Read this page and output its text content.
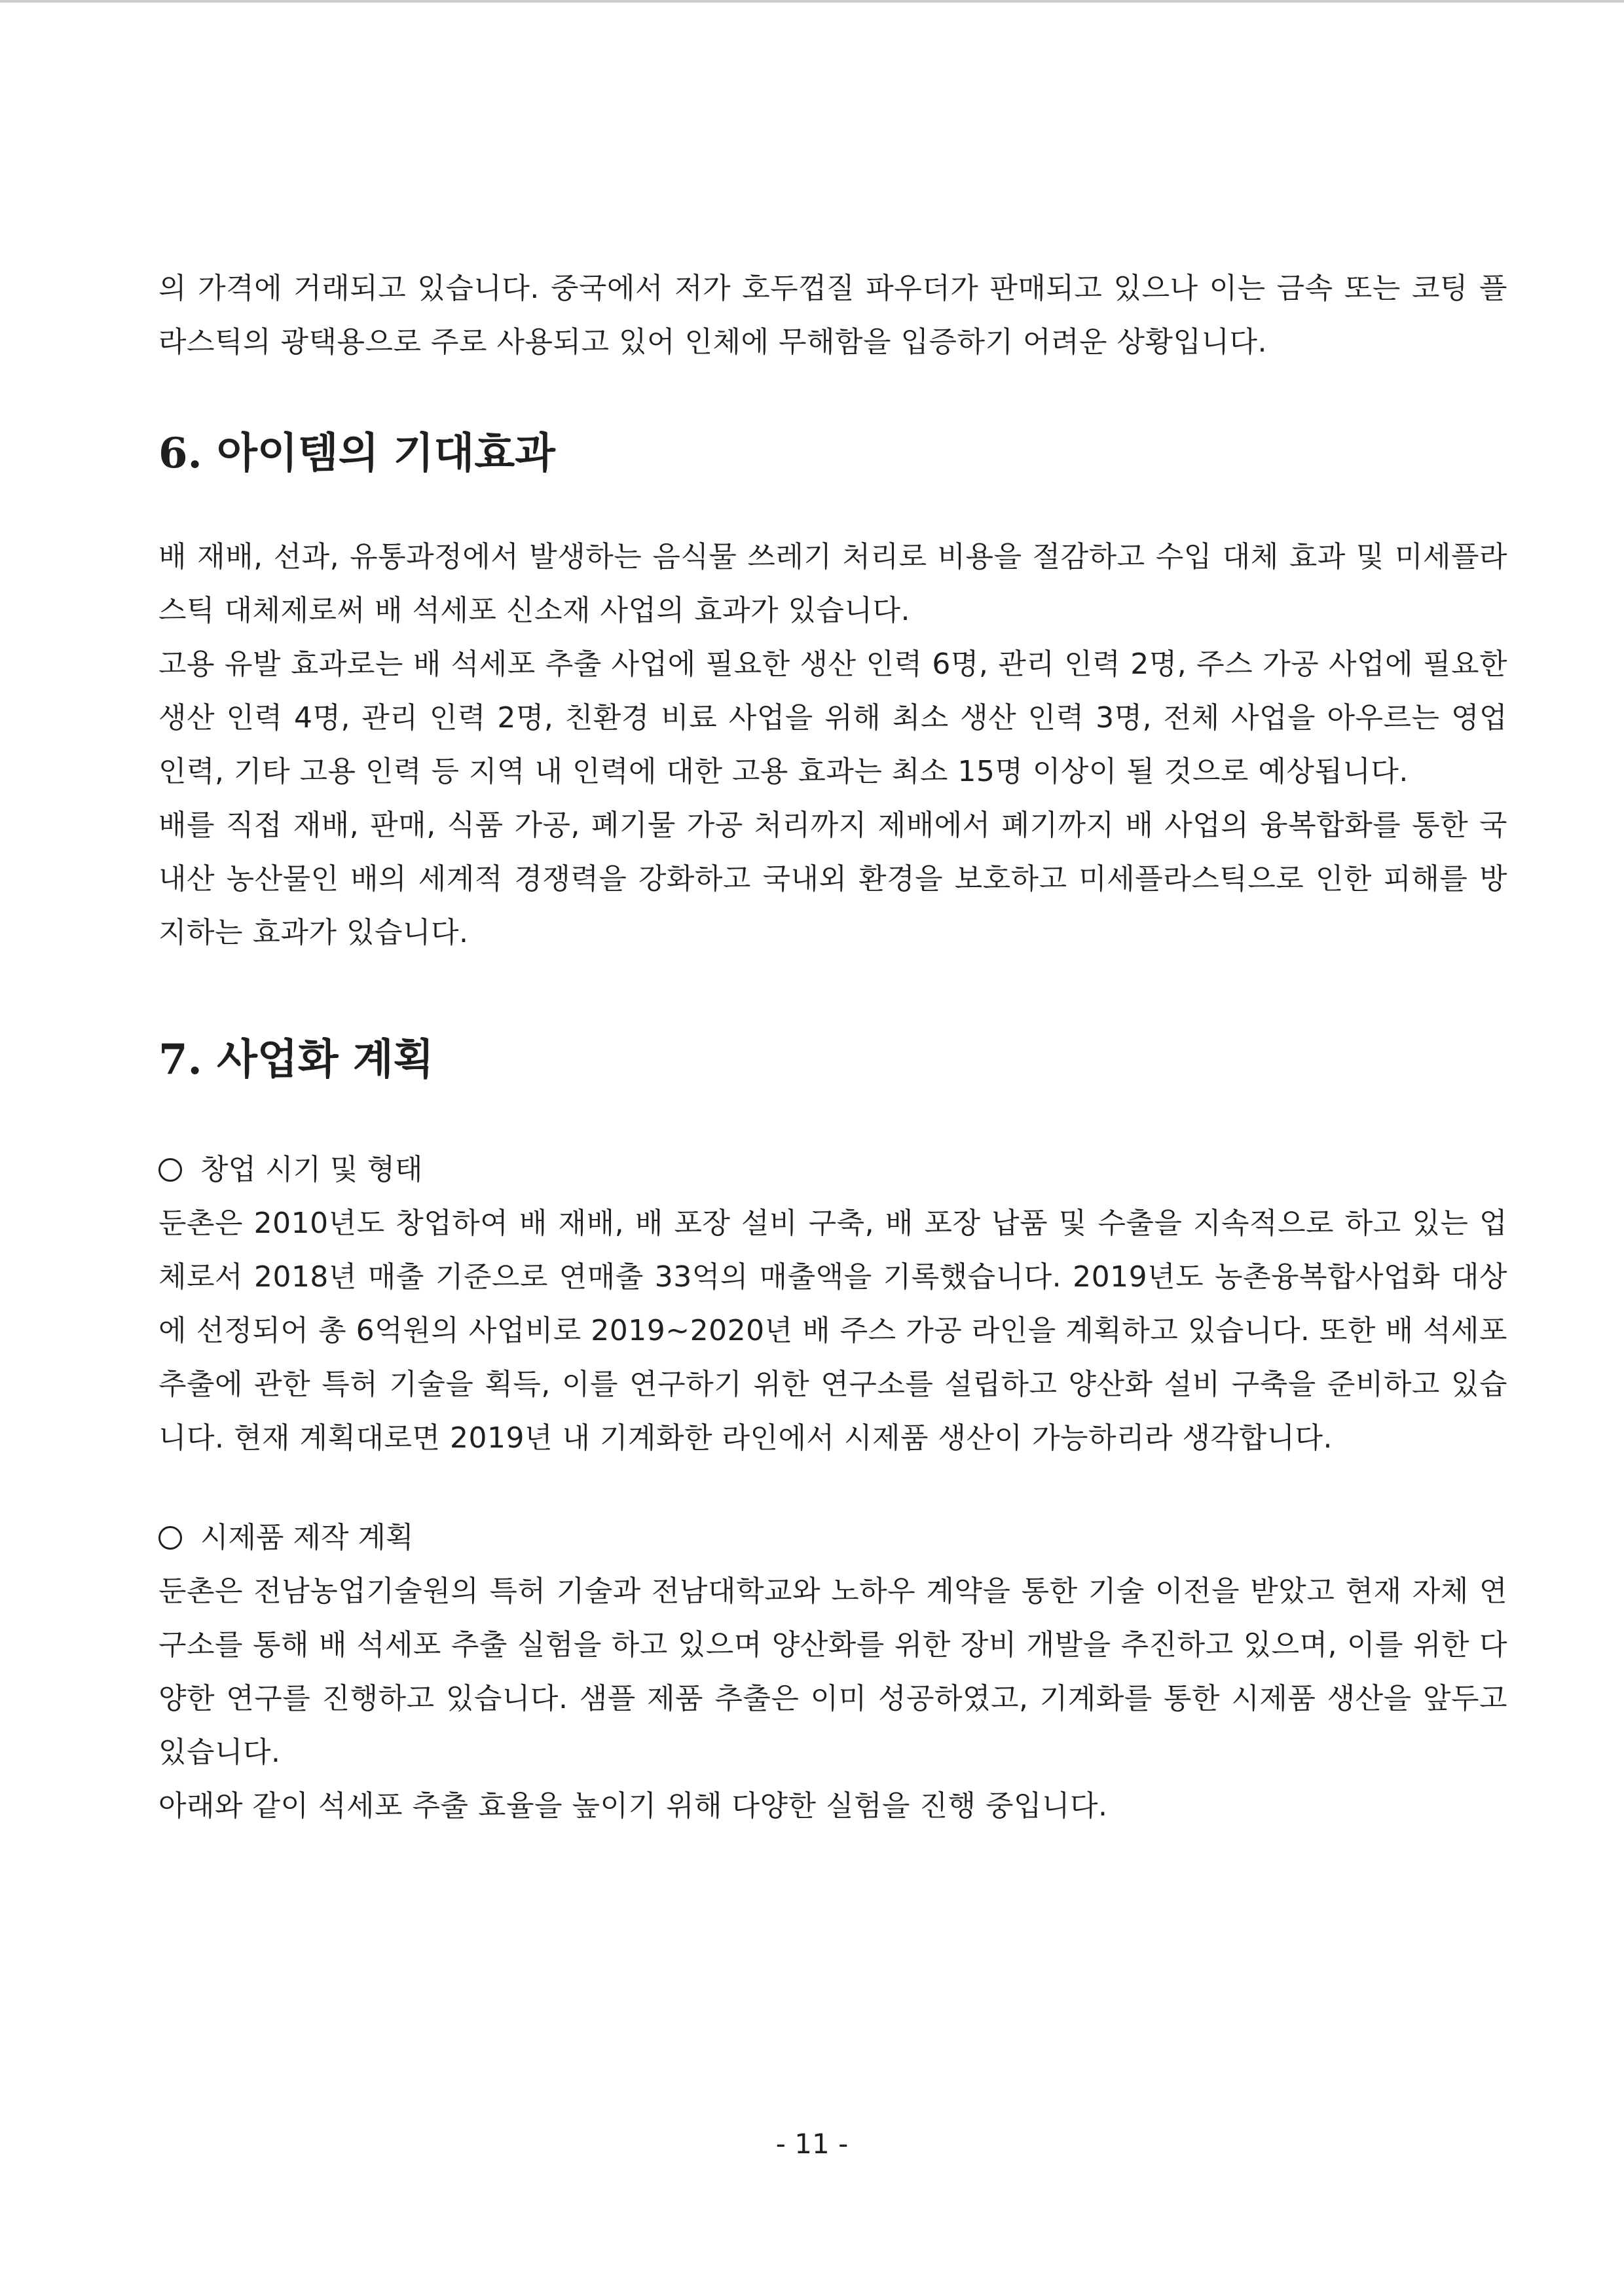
의 가격에 거래되고 있습니다. 중국에서 저가 호두껍질 파우더가 판매되고 있으나 이는 금속 또는 코팅 플라스틱의 광택용으로 주로 사용되고 있어 인체에 무해함을 입증하기 어려운 상황입니다.

6. 아이템의 기대효과

배 재배, 선과, 유통과정에서 발생하는 음식물 쓰레기 처리로 비용을 절감하고 수입 대체 효과 및 미세플라스틱 대체제로써 배 석세포 신소재 사업의 효과가 있습니다.

고용 유발 효과로는 배 석세포 추출 사업에 필요한 생산 인력 6명, 관리 인력 2명, 주스 가공 사업에 필요한 생산 인력 4명, 관리 인력 2명, 친환경 비료 사업을 위해 최소 생산 인력 3명, 전체 사업을 아우르는 영업 인력, 기타 고용 인력 등 지역 내 인력에 대한 고용 효과는 최소 15명 이상이 될 것으로 예상됩니다.

배를 직접 재배, 판매, 식품 가공, 폐기물 가공 처리까지 제배에서 폐기까지 배 사업의 융복합화를 통한 국내산 농산물인 배의 세계적 경쟁력을 강화하고 국내외 환경을 보호하고 미세플라스틱으로 인한 피해를 방지하는 효과가 있습니다.

7. 사업화 계획
창업 시기 및 형태

둔촌은 2010년도 창업하여 배 재배, 배 포장 설비 구축, 배 포장 납품 및 수출을 지속적으로 하고 있는 업체로서 2018년 매출 기준으로 연매출 33억의 매출액을 기록했습니다. 2019년도 농촌융복합사업화 대상에 선정되어 총 6억원의 사업비로 2019~2020년 배 주스 가공 라인을 계획하고 있습니다. 또한 배 석세포 추출에 관한 특허 기술을 획득, 이를 연구하기 위한 연구소를 설립하고 양산화 설비 구축을 준비하고 있습니다. 현재 계획대로면 2019년 내 기계화한 라인에서 시제품 생산이 가능하리라 생각합니다.

시제품 제작 계획

둔촌은 전남농업기술원의 특허 기술과 전남대학교와 노하우 계약을 통한 기술 이전을 받았고 현재 자체 연구소를 통해 배 석세포 추출 실험을 하고 있으며 양산화를 위한 장비 개발을 추진하고 있으며, 이를 위한 다양한 연구를 진행하고 있습니다. 샘플 제품 추출은 이미 성공하였고, 기계화를 통한 시제품 생산을 앞두고 있습니다.

아래와 같이 석세포 추출 효율을 높이기 위해 다양한 실험을 진행 중입니다.

- 11 -
